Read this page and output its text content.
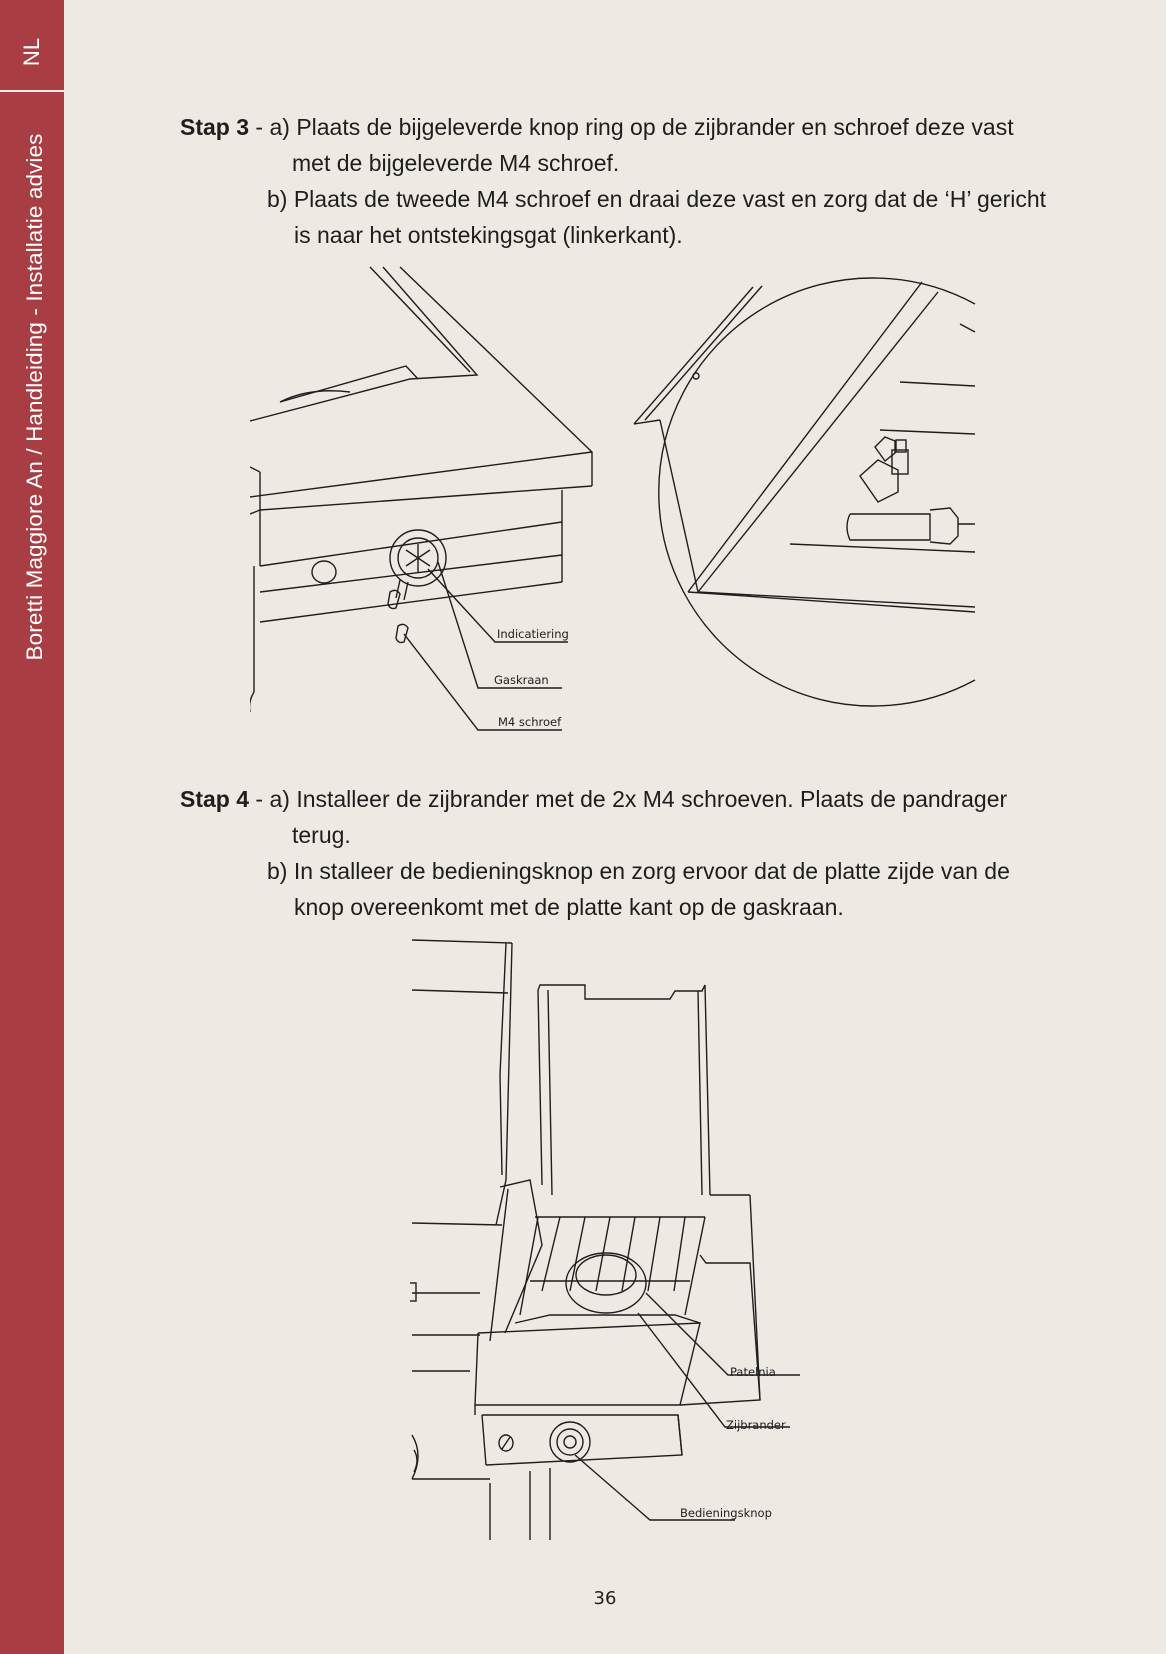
NL
Boretti Maggiore An / Handleiding - Installatie advies
Stap 3 - a) Plaats de bijgeleverde knop ring op de zijbrander en schroef deze vast
met de bijgeleverde M4 schroef.
b) Plaats de tweede M4 schroef en draai deze vast en zorg dat de ‘H’ gericht
is naar het ontstekingsgat (linkerkant).
Indicatiering
Gaskraan
M4 schroef
Stap 4 - a) Installeer de zijbrander met de 2x M4 schroeven. Plaats de pandrager
terug.
b) In stalleer de bedieningsknop en zorg ervoor dat de platte zijde van de
knop overeenkomt met de platte kant op de gaskraan.
Patelnia
Zijbrander
Bedieningsknop
36
